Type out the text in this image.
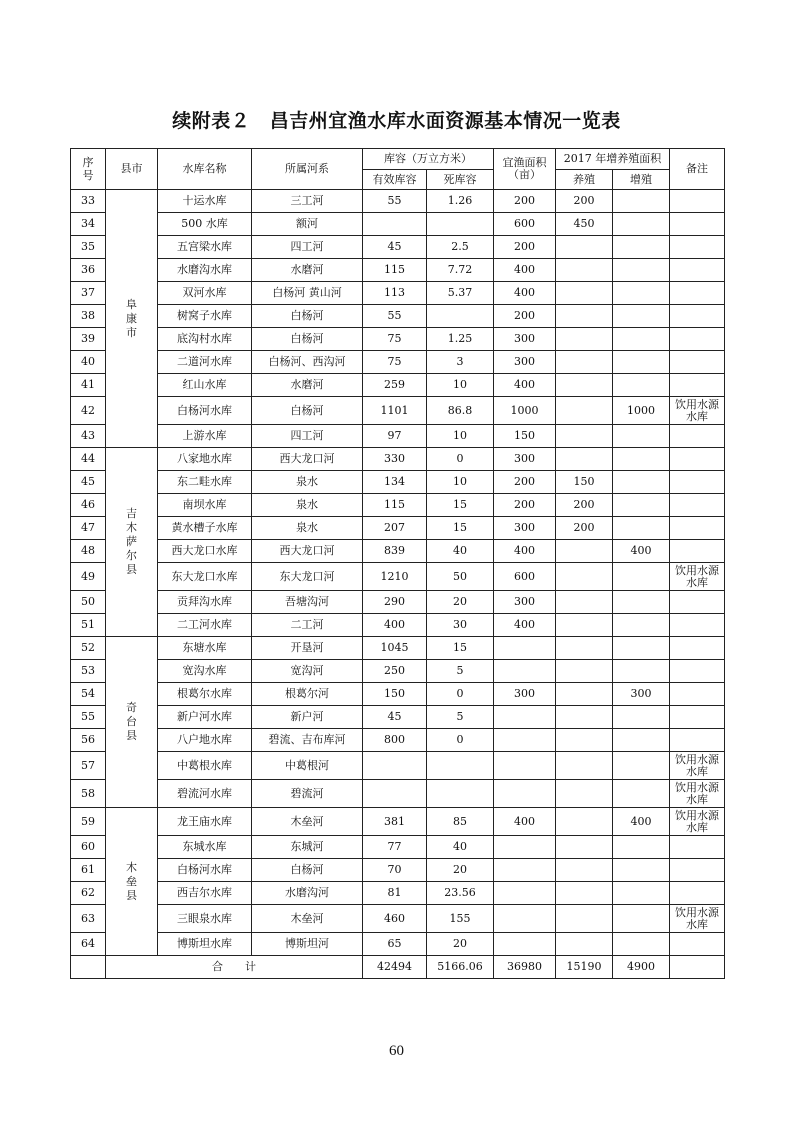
续附表２　昌吉州宜渔水库水面资源基本情况一览表
序号	县市	水库名称	所属河系	库容（万立方米）		宜渔面积（亩）	2017 年增养殖面积		备注
				有效库容	死库容		养殖	增殖	
33	阜康市	十运水库	三工河	55	1.26	200	200		
34		500 水库	额河			600	450		
35		五宫梁水库	四工河	45	2.5	200			
36		水磨沟水库	水磨河	115	7.72	400			
37		双河水库	白杨河 黄山河	113	5.37	400			
38		树窝子水库	白杨河	55		200			
39		底沟村水库	白杨河	75	1.25	300			
40		二道河水库	白杨河、西沟河	75	3	300			
41		红山水库	水磨河	259	10	400			
42		白杨河水库	白杨河	1101	86.8	1000		1000	饮用水源水库
43		上游水库	四工河	97	10	150			
44	吉木萨尔县	八家地水库	西大龙口河	330	0	300			
45		东二畦水库	泉水	134	10	200	150		
46		南坝水库	泉水	115	15	200	200		
47		黄水槽子水库	泉水	207	15	300	200		
48		西大龙口水库	西大龙口河	839	40	400		400	
49		东大龙口水库	东大龙口河	1210	50	600			饮用水源水库
50		贡拜沟水库	吾塘沟河	290	20	300			
51		二工河水库	二工河	400	30	400			
52	奇台县	东塘水库	开垦河	1045	15				
53		宽沟水库	宽沟河	250	5				
54		根葛尔水库	根葛尔河	150	0	300		300	
55		新户河水库	新户河	45	5				
56		八户地水库	碧流、吉布库河	800	0				
57		中葛根水库	中葛根河						饮用水源水库
58		碧流河水库	碧流河						饮用水源水库
59	木垒县	龙王庙水库	木垒河	381	85	400		400	饮用水源水库
60		东城水库	东城河	77	40				
61		白杨河水库	白杨河	70	20				
62		西吉尔水库	水磨沟河	81	23.56				
63		三眼泉水库	木垒河	460	155				饮用水源水库
64		博斯坦水库	博斯坦河	65	20				
	合　　计			42494	5166.06	36980	15190	4900	
60
